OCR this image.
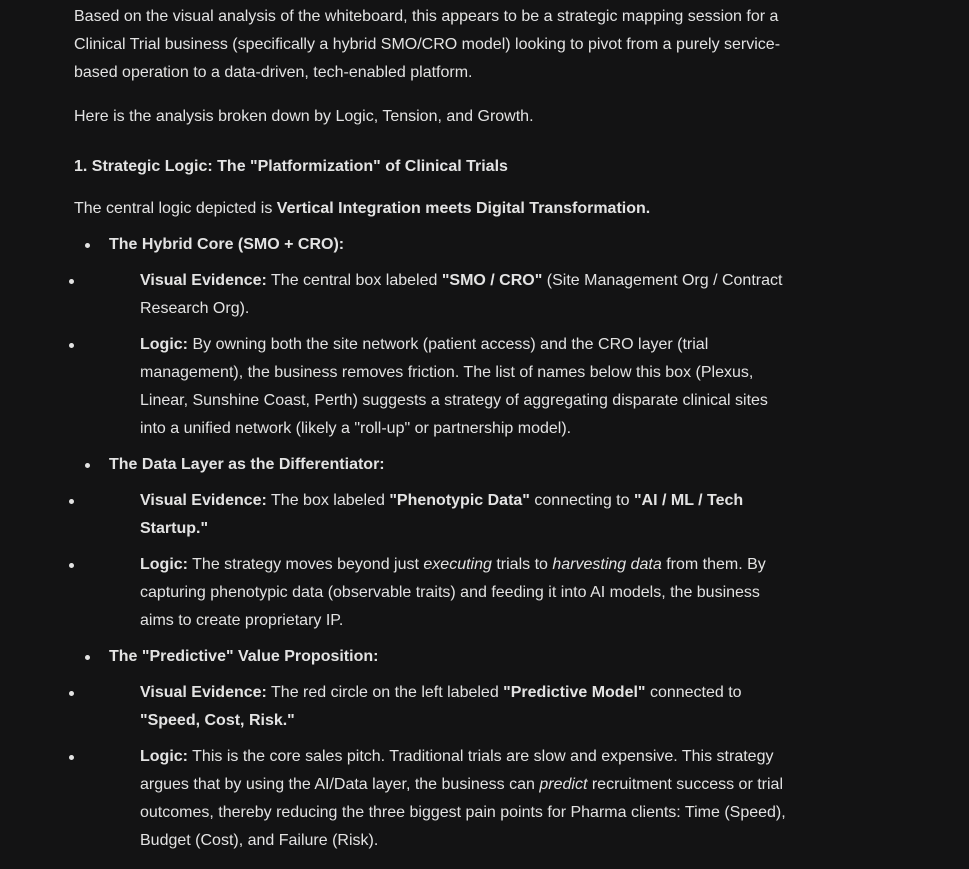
Based on the visual analysis of the whiteboard, this appears to be a strategic mapping session for a Clinical Trial business (specifically a hybrid SMO/CRO model) looking to pivot from a purely service-based operation to a data-driven, tech-enabled platform.

Here is the analysis broken down by Logic, Tension, and Growth.

1. Strategic Logic: The "Platformization" of Clinical Trials

The central logic depicted is Vertical Integration meets Digital Transformation.

The Hybrid Core (SMO + CRO):
Visual Evidence: The central box labeled "SMO / CRO" (Site Management Org / Contract Research Org).
Logic: By owning both the site network (patient access) and the CRO layer (trial management), the business removes friction. The list of names below this box (Plexus, Linear, Sunshine Coast, Perth) suggests a strategy of aggregating disparate clinical sites into a unified network (likely a "roll-up" or partnership model).
The Data Layer as the Differentiator:
Visual Evidence: The box labeled "Phenotypic Data" connecting to "AI / ML / Tech Startup."
Logic: The strategy moves beyond just executing trials to harvesting data from them. By capturing phenotypic data (observable traits) and feeding it into AI models, the business aims to create proprietary IP.
The "Predictive" Value Proposition:
Visual Evidence: The red circle on the left labeled "Predictive Model" connected to "Speed, Cost, Risk."
Logic: This is the core sales pitch. Traditional trials are slow and expensive. This strategy argues that by using the AI/Data layer, the business can predict recruitment success or trial outcomes, thereby reducing the three biggest pain points for Pharma clients: Time (Speed), Budget (Cost), and Failure (Risk).
